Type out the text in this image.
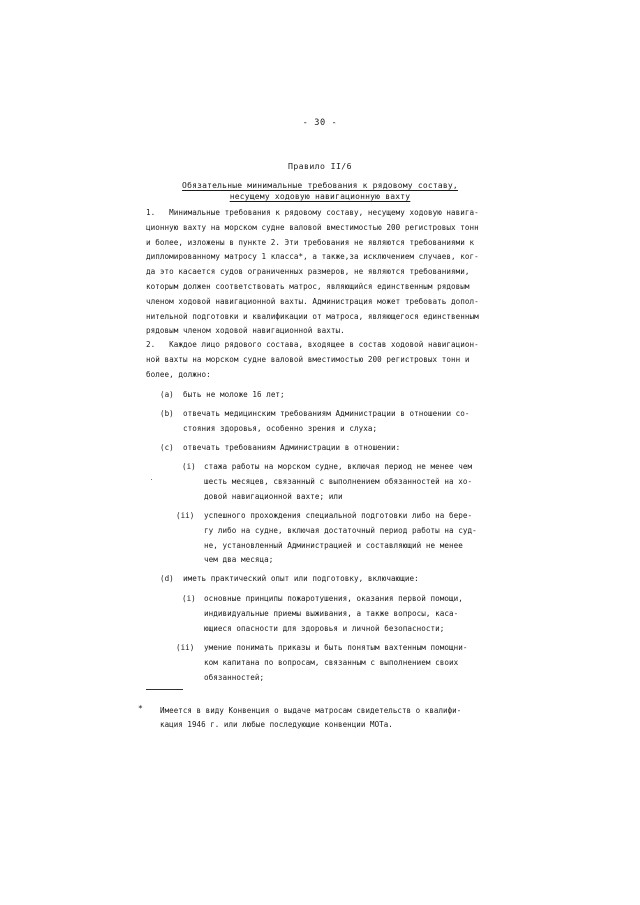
- 30 -
Правило II/6
Обязательные минимальные требования к рядовому составу,
несущему ходовую навигационную вахту
1. Минимальные требования к рядовому составу, несущему ходовую навига-
ционную вахту на морском судне валовой вместимостью 200 регистровых тонн
и более, изложены в пункте 2. Эти требования не являются требованиями к
дипломированному матросу 1 класса*, а также,за исключением случаев, ког-
да это касается судов ограниченных размеров, не являются требованиями,
которым должен соответствовать матрос, являющийся единственным рядовым
членом ходовой навигационной вахты. Администрация может требовать допол-
нительной подготовки и квалификации от матроса, являющегося единственным
рядовым членом ходовой навигационной вахты.
2. Каждое лицо рядового состава, входящее в состав ходовой навигацион-
ной вахты на морском судне валовой вместимостью 200 регистровых тонн и
более, должно:
(a) быть не моложе 16 лет;
(b) отвечать медицинским требованиям Администрации в отношении со-
стояния здоровья, особенно зрения и слуха;
(c) отвечать требованиям Администрации в отношении:
(i) стажа работы на морском судне, включая период не менее чем
шесть месяцев, связанный с выполнением обязанностей на хо-
довой навигационной вахте; или
(ii) успешного прохождения специальной подготовки либо на бере-
гу либо на судне, включая достаточный период работы на суд-
не, установленный Администрацией и составляющий не менее
чем два месяца;
(d) иметь практический опыт или подготовку, включающие:
(i) основные принципы пожаротушения, оказания первой помощи,
индивидуальные приемы выживания, а также вопросы, каса-
ющиеся опасности для здоровья и личной безопасности;
(ii) умение понимать приказы и быть понятым вахтенным помощни-
ком капитана по вопросам, связанным с выполнением своих
обязанностей;
* Имеется в виду Конвенция о выдаче матросам свидетельств о квалифи-
кация 1946 г. или любые последующие конвенции МОТа.
